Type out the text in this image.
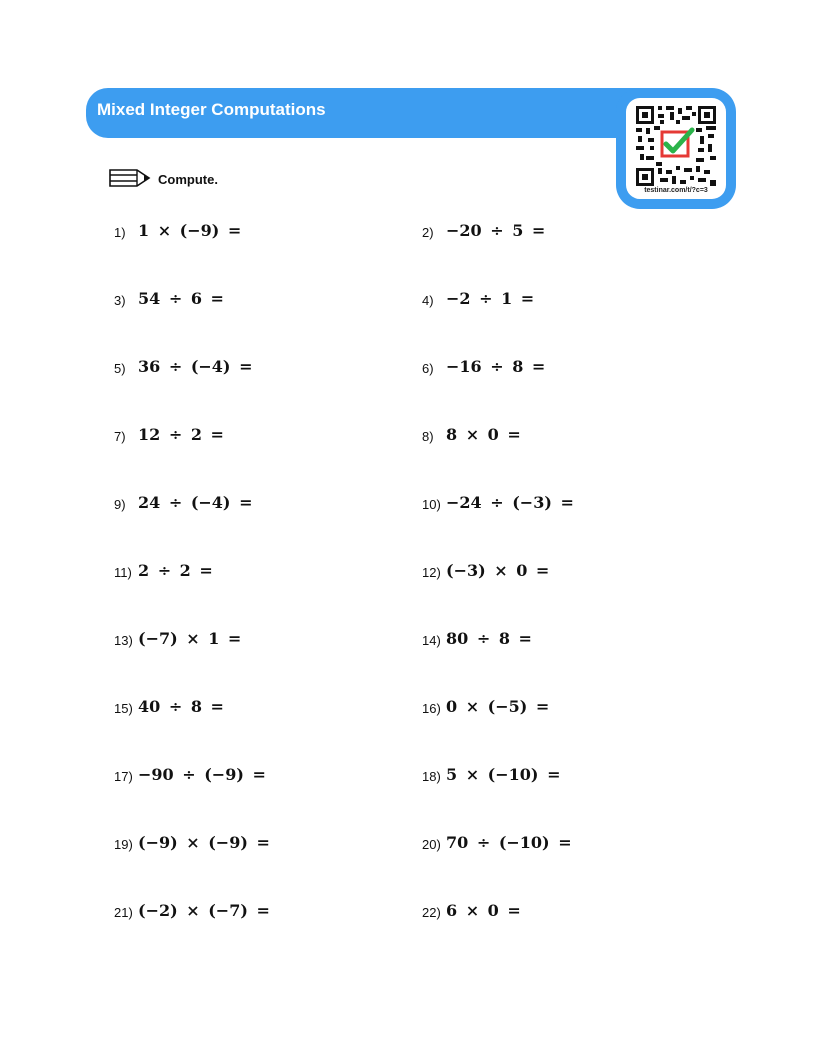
Mixed Integer Computations
testinar.com/t/?c=3
Compute.
1) 1 × (−9) =
3) 54 ÷ 6 =
5) 36 ÷ (−4) =
7) 12 ÷ 2 =
9) 24 ÷ (−4) =
11) 2 ÷ 2 =
13) (−7) × 1 =
15) 40 ÷ 8 =
17) −90 ÷ (−9) =
19) (−9) × (−9) =
21) (−2) × (−7) =
2) −20 ÷ 5 =
4) −2 ÷ 1 =
6) −16 ÷ 8 =
8) 8 × 0 =
10) −24 ÷ (−3) =
12) (−3) × 0 =
14) 80 ÷ 8 =
16) 0 × (−5) =
18) 5 × (−10) =
20) 70 ÷ (−10) =
22) 6 × 0 =
